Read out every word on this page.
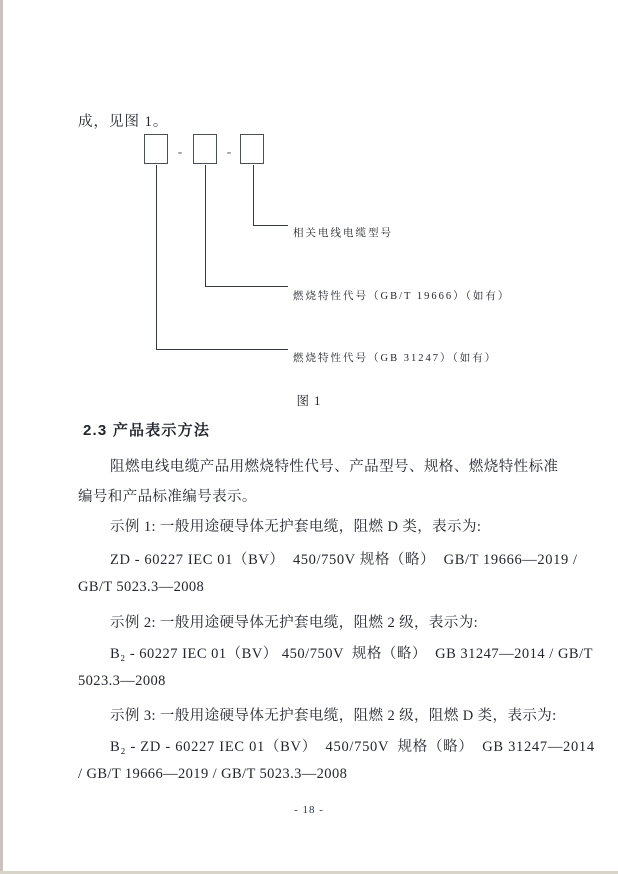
成，见图 1。
-	-
相关电线电缆型号
燃烧特性代号（GB/T 19666）（如有）
燃烧特性代号（GB 31247）（如有）
图 1
2.3 产品表示方法
阻燃电线电缆产品用燃烧特性代号、产品型号、规格、燃烧特性标准
编号和产品标准编号表示。
示例 1: 一般用途硬导体无护套电缆，阻燃 D 类，表示为:
ZD - 60227 IEC 01（BV）  450/750V 规格（略）  GB/T 19666—2019 /
GB/T 5023.3—2008
示例 2: 一般用途硬导体无护套电缆，阻燃 2 级，表示为:
B₂ - 60227 IEC 01（BV） 450/750V  规格（略）  GB 31247—2014 / GB/T
5023.3—2008
示例 3: 一般用途硬导体无护套电缆，阻燃 2 级，阻燃 D 类，表示为:
B₂ - ZD - 60227 IEC 01（BV）  450/750V  规格（略）  GB 31247—2014
/ GB/T 19666—2019 / GB/T 5023.3—2008
- 18 -
